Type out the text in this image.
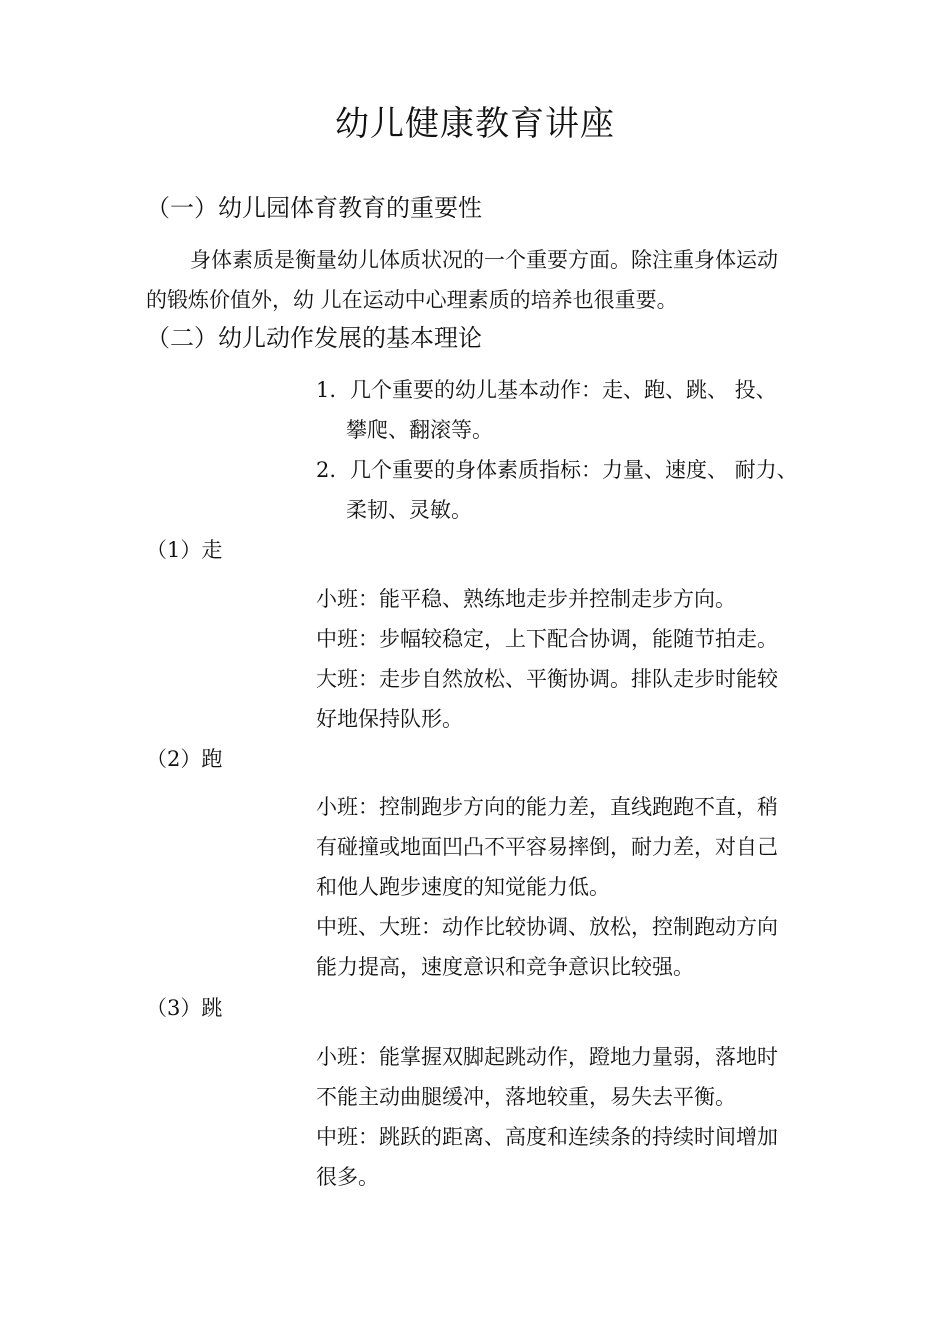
幼儿健康教育讲座
（一）幼儿园体育教育的重要性
身体素质是衡量幼儿体质状况的一个重要方面。除注重身体运动
的锻炼价值外，幼 儿在运动中心理素质的培养也很重要。
（二）幼儿动作发展的基本理论
1. 几个重要的幼儿基本动作：走、跑、跳、 投、
攀爬、翻滚等。
2. 几个重要的身体素质指标：力量、速度、 耐力、
柔韧、灵敏。
（1）走
小班：能平稳、熟练地走步并控制走步方向。
中班：步幅较稳定，上下配合协调，能随节拍走。
大班：走步自然放松、平衡协调。排队走步时能较
好地保持队形。
（2）跑
小班：控制跑步方向的能力差，直线跑跑不直，稍
有碰撞或地面凹凸不平容易摔倒，耐力差，对自己
和他人跑步速度的知觉能力低。
中班、大班：动作比较协调、放松，控制跑动方向
能力提高，速度意识和竞争意识比较强。
（3）跳
小班：能掌握双脚起跳动作，蹬地力量弱，落地时
不能主动曲腿缓冲，落地较重，易失去平衡。
中班：跳跃的距离、高度和连续条的持续时间增加
很多。
